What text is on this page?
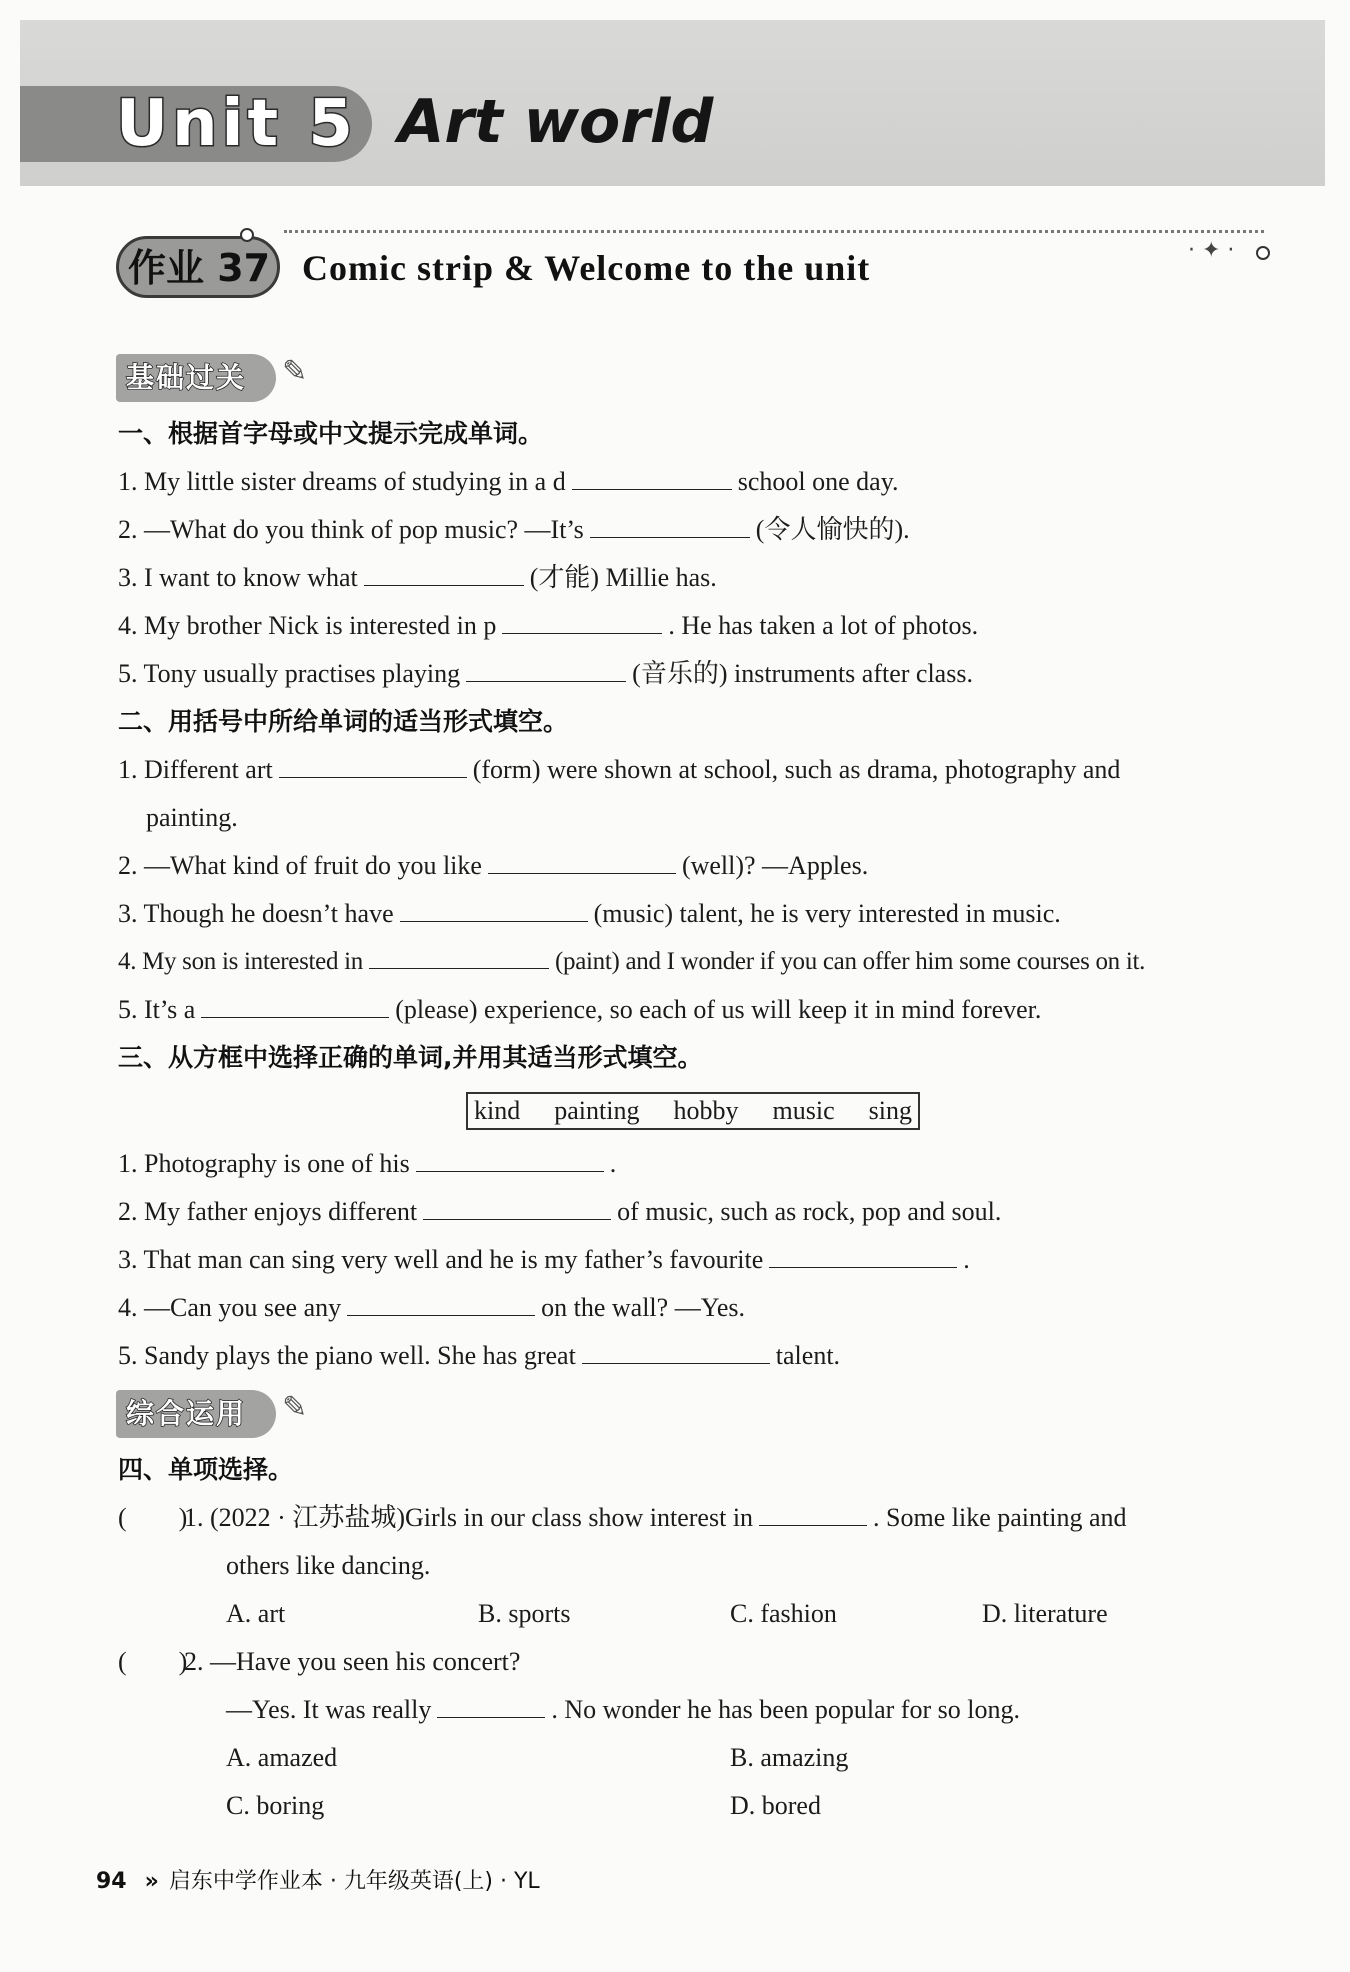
Unit 5 Art world
作业 37 Comic strip & Welcome to the unit	· ✦ ·
基础过关 ✎
一、根据首字母或中文提示完成单词。
1. My little sister dreams of studying in a d	school one day.
2. —What do you think of pop music? —It’s	(令人愉快的).
3. I want to know what	(才能) Millie has.
4. My brother Nick is interested in p	. He has taken a lot of photos.
5. Tony usually practises playing	(音乐的) instruments after class.
二、用括号中所给单词的适当形式填空。
1. Different art	(form) were shown at school, such as drama, photography and
painting.
2. —What kind of fruit do you like	(well)? —Apples.
3. Though he doesn’t have	(music) talent, he is very interested in music.
4. My son is interested in	(paint) and I wonder if you can offer him some courses on it.
5. It’s a	(please) experience, so each of us will keep it in mind forever.
三、从方框中选择正确的单词,并用其适当形式填空。
kind painting hobby music sing
1. Photography is one of his	.
2. My father enjoys different	of music, such as rock, pop and soul.
3. That man can sing very well and he is my father’s favourite	.
4. —Can you see any	on the wall? —Yes.
5. Sandy plays the piano well. She has great	talent.
综合运用 ✎
四、单项选择。
(　　)
1. (2022 · 江苏盐城)Girls in our class show interest in	. Some like painting and
others like dancing.
A. art	B. sports	C. fashion	D. literature
(　　)
2. —Have you seen his concert?
—Yes. It was really	. No wonder he has been popular for so long.
A. amazed	B. amazing
C. boring	D. bored
94 » 启东中学作业本 · 九年级英语(上) · YL
